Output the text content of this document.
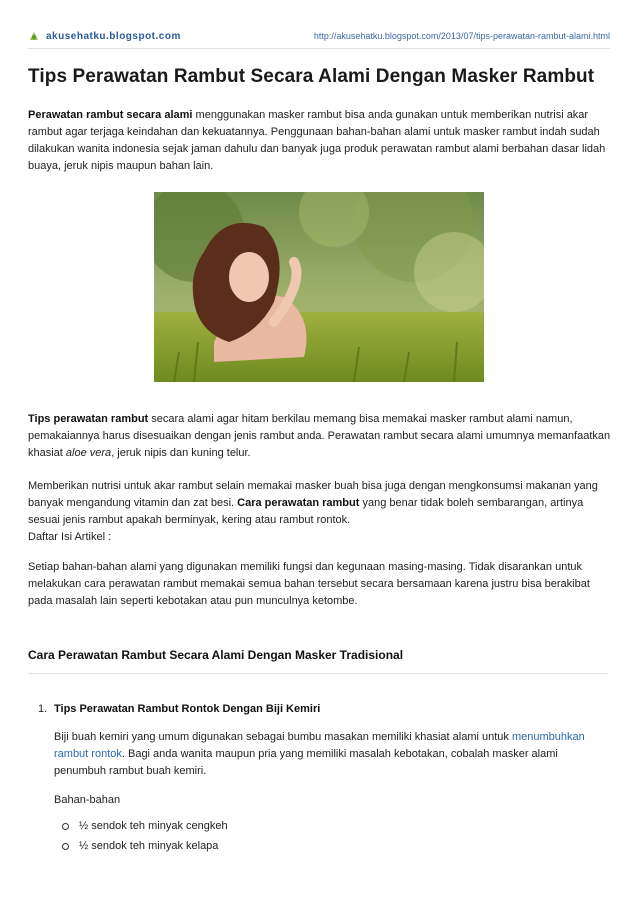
akusehatku.blogspot.com	http://akusehatku.blogspot.com/2013/07/tips-perawatan-rambut-alami.html
Tips Perawatan Rambut Secara Alami Dengan Masker Rambut

Perawatan rambut secara alami menggunakan masker rambut bisa anda gunakan untuk memberikan nutrisi akar rambut agar terjaga keindahan dan kekuatannya. Penggunaan bahan-bahan alami untuk masker rambut indah sudah dilakukan wanita indonesia sejak jaman dahulu dan banyak juga produk perawatan rambut alami berbahan dasar lidah buaya, jeruk nipis maupun bahan lain.

Tips perawatan rambut secara alami agar hitam berkilau memang bisa memakai masker rambut alami namun, pemakaiannya harus disesuaikan dengan jenis rambut anda. Perawatan rambut secara alami umumnya memanfaatkan khasiat aloe vera, jeruk nipis dan kuning telur.

Memberikan nutrisi untuk akar rambut selain memakai masker buah bisa juga dengan mengkonsumsi makanan yang banyak mengandung vitamin dan zat besi. Cara perawatan rambut yang benar tidak boleh sembarangan, artinya sesuai jenis rambut apakah berminyak, kering atau rambut rontok.

Daftar Isi Artikel :

Setiap bahan-bahan alami yang digunakan memiliki fungsi dan kegunaan masing-masing. Tidak disarankan untuk melakukan cara perawatan rambut memakai semua bahan tersebut secara bersamaan karena justru bisa berakibat pada masalah lain seperti kebotakan atau pun munculnya ketombe.

Cara Perawatan Rambut Secara Alami Dengan Masker Tradisional
1. Tips Perawatan Rambut Rontok Dengan Biji Kemiri

Biji buah kemiri yang umum digunakan sebagai bumbu masakan memiliki khasiat alami untuk menumbuhkan rambut rontok. Bagi anda wanita maupun pria yang memiliki masalah kebotakan, cobalah masker alami penumbuh rambut buah kemiri.

Bahan-bahan

½ sendok teh minyak cengkeh
½ sendok teh minyak kelapa
